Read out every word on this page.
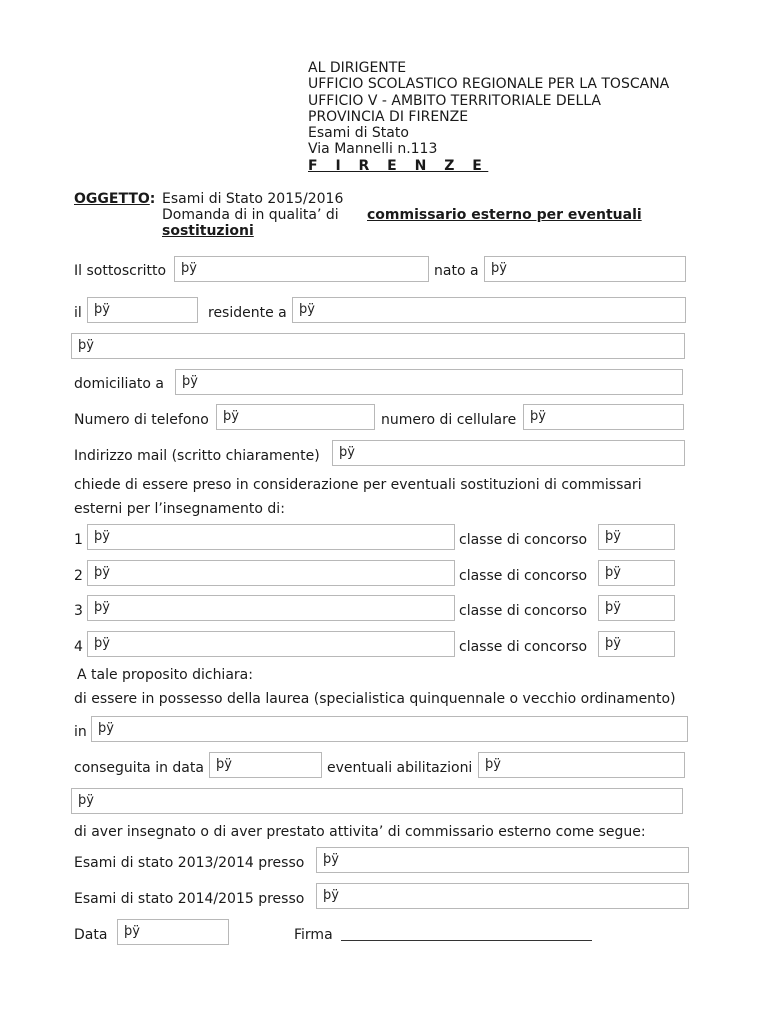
AL DIRIGENTE
UFFICIO SCOLASTICO REGIONALE PER LA TOSCANA
UFFICIO V - AMBITO TERRITORIALE DELLA
PROVINCIA DI FIRENZE
Esami di Stato
Via Mannelli n.113
F I R E N Z E
OGGETTO: Esami di Stato 2015/2016
Domanda di in qualita’ di commissario esterno per eventuali
sostituzioni
Il sottoscritto	þÿ	nato a þÿ
il þÿ	residente a þÿ
þÿ
domiciliato a	þÿ
Numero di telefono	þÿ	numero di cellulare	þÿ
Indirizzo mail (scritto chiaramente)	þÿ
chiede di essere preso in considerazione per eventuali sostituzioni di commissari
esterni per l’insegnamento di:
1 þÿ	classe di concorso	þÿ
2 þÿ	classe di concorso	þÿ
3 þÿ	classe di concorso	þÿ
4 þÿ	classe di concorso	þÿ
A tale proposito dichiara:
di essere in possesso della laurea (specialistica quinquennale o vecchio ordinamento)
in þÿ
conseguita in data þÿ	eventuali abilitazioni þÿ
þÿ
di aver insegnato o di aver prestato attivita’ di commissario esterno come segue:
Esami di stato 2013/2014 presso	þÿ
Esami di stato 2014/2015 presso	þÿ
Data	þÿ	Firma
